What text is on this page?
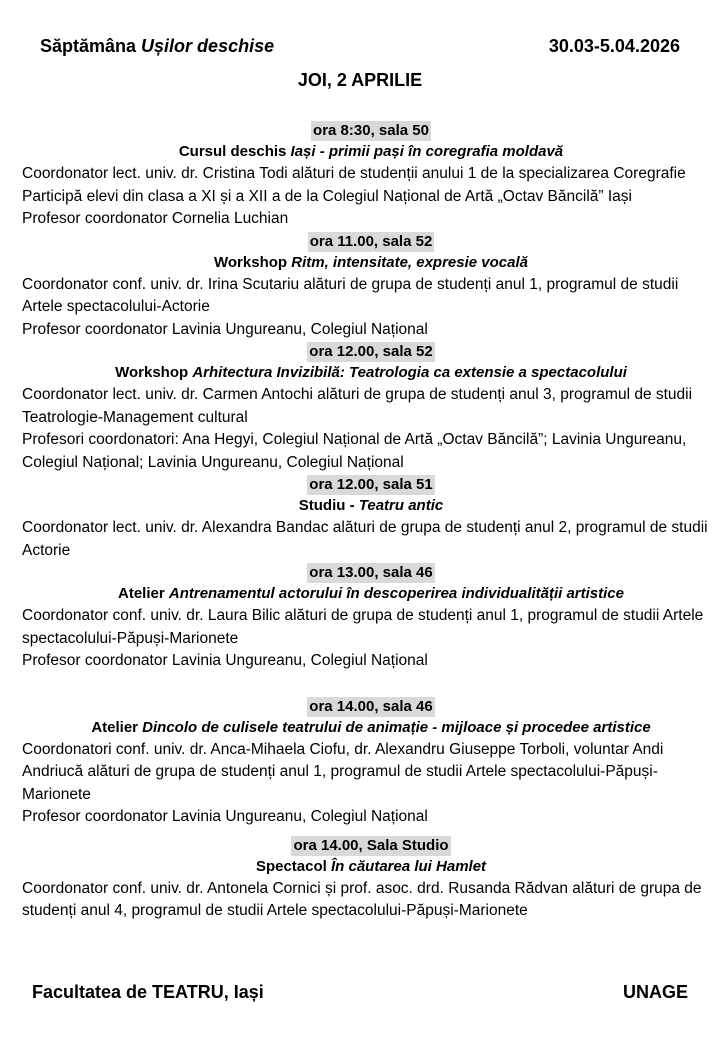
Săptămâna Ușilor deschise	30.03-5.04.2026
JOI, 2 APRILIE
ora 8:30, sala 50
Cursul deschis Iași - primii pași în coregrafia moldavă

Coordonator lect. univ. dr. Cristina Todi alături de studenții anului 1 de la specializarea Coregrafie

Participă elevi din clasa a XI și a XII a de la Colegiul Național de Artă „Octav Băncilă” Iași

Profesor coordonator Cornelia Luchian

ora 11.00, sala 52
Workshop Ritm, intensitate, expresie vocală

Coordonator conf. univ. dr. Irina Scutariu alături de grupa de studenți anul 1, programul de studii Artele spectacolului-Actorie

Profesor coordonator Lavinia Ungureanu, Colegiul Național

ora 12.00, sala 52
Workshop Arhitectura Invizibilă: Teatrologia ca extensie a spectacolului

Coordonator lect. univ. dr. Carmen Antochi alături de grupa de studenți anul 3, programul de studii Teatrologie-Management cultural

Profesori coordonatori: Ana Hegyi, Colegiul Național de Artă „Octav Băncilă”; Lavinia Ungureanu, Colegiul Național; Lavinia Ungureanu, Colegiul Național

ora 12.00, sala 51
Studiu - Teatru antic

Coordonator lect. univ. dr. Alexandra Bandac alături de grupa de studenți anul 2, programul de studii Actorie

ora 13.00, sala 46
Atelier Antrenamentul actorului în descoperirea individualității artistice

Coordonator conf. univ. dr. Laura Bilic alături de grupa de studenți anul 1, programul de studii Artele spectacolului-Păpuși-Marionete

Profesor coordonator Lavinia Ungureanu, Colegiul Național

ora 14.00, sala 46
Atelier Dincolo de culisele teatrului de animație - mijloace și procedee artistice

Coordonatori conf. univ. dr. Anca-Mihaela Ciofu, dr. Alexandru Giuseppe Torboli, voluntar Andi Andriucă alături de grupa de studenți anul 1, programul de studii Artele spectacolului-Păpuși-Marionete

Profesor coordonator Lavinia Ungureanu, Colegiul Național

ora 14.00, Sala Studio
Spectacol În căutarea lui Hamlet

Coordonator conf. univ. dr. Antonela Cornici și prof. asoc. drd. Rusanda Rădvan alături de grupa de studenți anul 4, programul de studii Artele spectacolului-Păpuși-Marionete

Facultatea de TEATRU, Iași	UNAGE
